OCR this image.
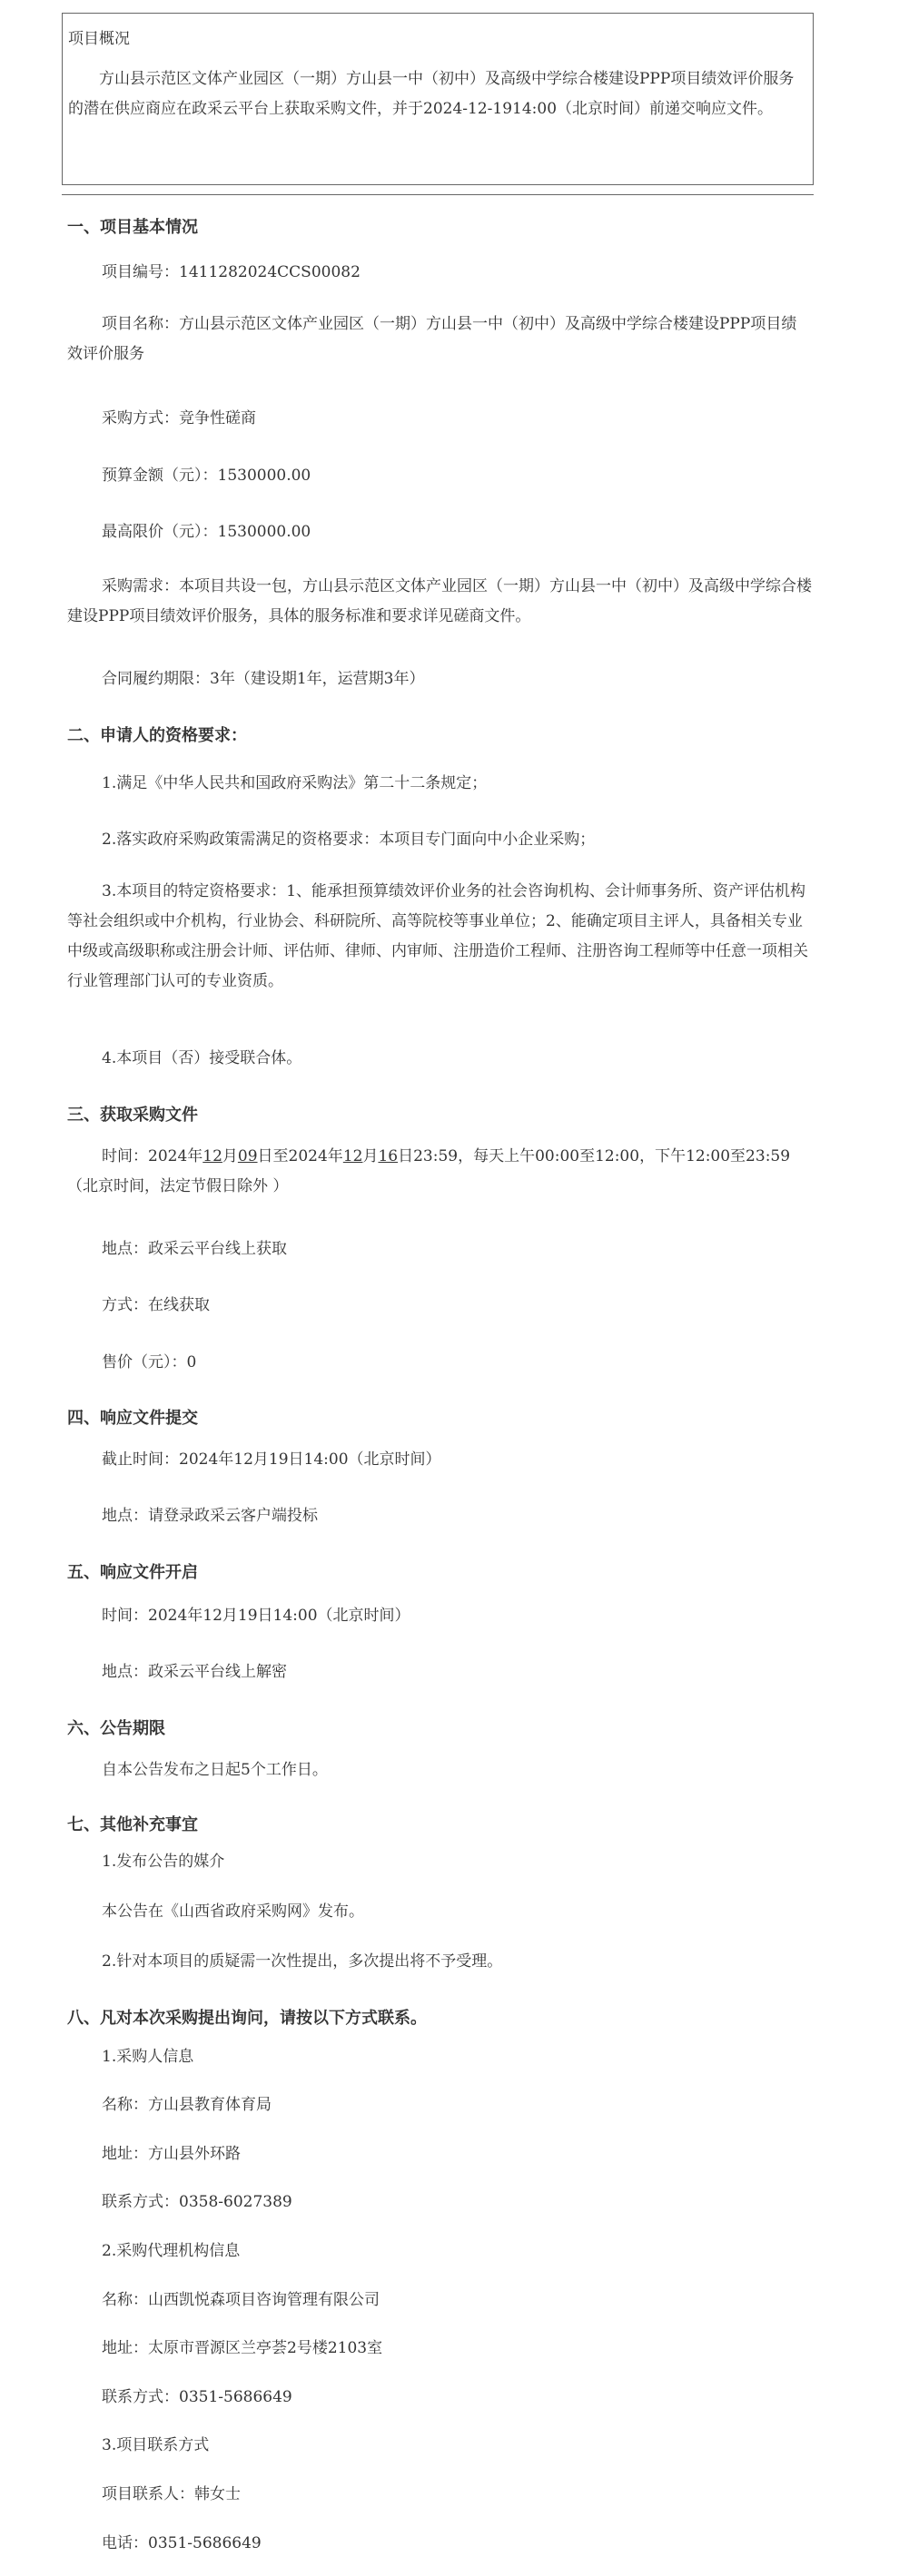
项目概况
方山县示范区文体产业园区（一期）方山县一中（初中）及高级中学综合楼建设PPP项目绩效评价服务的潜在供应商应在政采云平台上获取采购文件，并于2024-12-1914:00（北京时间）前递交响应文件。
一、项目基本情况
项目编号：1411282024CCS00082
项目名称：方山县示范区文体产业园区（一期）方山县一中（初中）及高级中学综合楼建设PPP项目绩效评价服务
采购方式：竞争性磋商
预算金额（元）：1530000.00
最高限价（元）：1530000.00
采购需求：本项目共设一包，方山县示范区文体产业园区（一期）方山县一中（初中）及高级中学综合楼建设PPP项目绩效评价服务，具体的服务标准和要求详见磋商文件。
合同履约期限：3年（建设期1年，运营期3年）
二、申请人的资格要求：
1.满足《中华人民共和国政府采购法》第二十二条规定；
2.落实政府采购政策需满足的资格要求：本项目专门面向中小企业采购；
3.本项目的特定资格要求：1、能承担预算绩效评价业务的社会咨询机构、会计师事务所、资产评估机构等社会组织或中介机构，行业协会、科研院所、高等院校等事业单位；2、能确定项目主评人，具备相关专业中级或高级职称或注册会计师、评估师、律师、内审师、注册造价工程师、注册咨询工程师等中任意一项相关行业管理部门认可的专业资质。
4.本项目（否）接受联合体。
三、获取采购文件
时间：2024年12月09日至2024年12月16日23:59，每天上午00:00至12:00，下午12:00至23:59（北京时间，法定节假日除外 ）
地点：政采云平台线上获取
方式：在线获取
售价（元）：0
四、响应文件提交
截止时间：2024年12月19日14:00（北京时间）
地点：请登录政采云客户端投标
五、响应文件开启
时间：2024年12月19日14:00（北京时间）
地点：政采云平台线上解密
六、公告期限
自本公告发布之日起5个工作日。
七、其他补充事宜
1.发布公告的媒介
本公告在《山西省政府采购网》发布。
2.针对本项目的质疑需一次性提出，多次提出将不予受理。
八、凡对本次采购提出询问，请按以下方式联系。
1.采购人信息
名称：方山县教育体育局
地址：方山县外环路
联系方式：0358-6027389
2.采购代理机构信息
名称：山西凯悦森项目咨询管理有限公司
地址：太原市晋源区兰亭荟2号楼2103室
联系方式：0351-5686649
3.项目联系方式
项目联系人：韩女士
电话：0351-5686649
